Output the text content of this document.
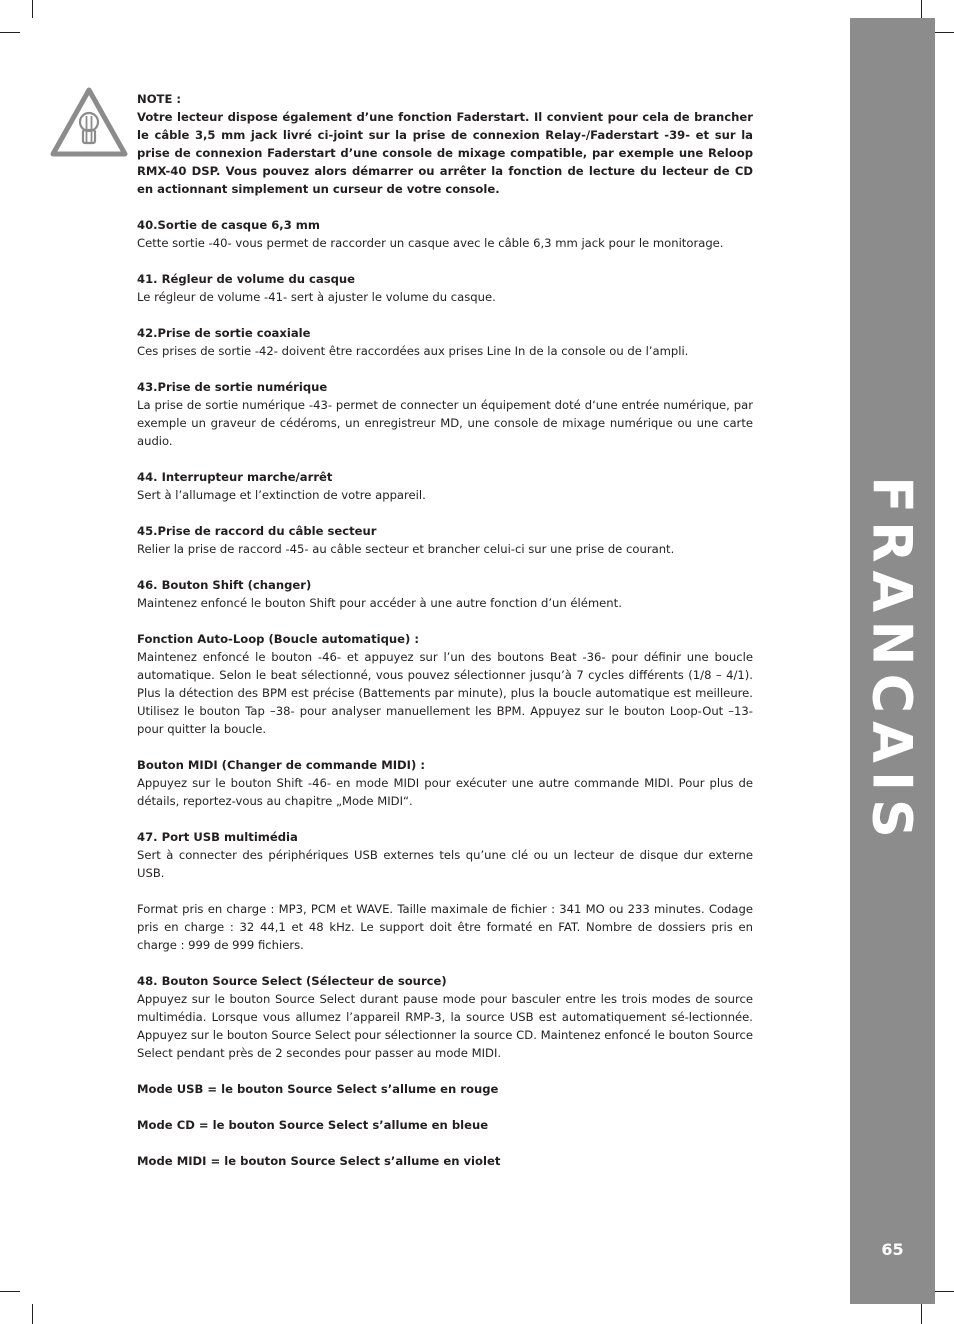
FRANCAIS
65

NOTE :

Votre lecteur dispose également d’une fonction Faderstart. Il convient pour cela de brancher le câble 3,5 mm jack livré ci-joint sur la prise de connexion Relay-/Faderstart -39- et sur la prise de connexion Faderstart d’une console de mixage compatible, par exemple une Reloop RMX-40 DSP. Vous pouvez alors démarrer ou arrêter la fonction de lecture du lecteur de CD en actionnant simplement un curseur de votre console.

40.Sortie de casque 6,3 mm

Cette sortie -40- vous permet de raccorder un casque avec le câble 6,3 mm jack pour le monitorage.

41. Régleur de volume du casque

Le régleur de volume -41- sert à ajuster le volume du casque.

42.Prise de sortie coaxiale

Ces prises de sortie -42- doivent être raccordées aux prises Line In de la console ou de l’ampli.

43.Prise de sortie numérique

La prise de sortie numérique -43- permet de connecter un équipement doté d‘une entrée numérique, par exemple un graveur de cédéroms, un enregistreur MD, une console de mixage numérique ou une carte audio.

44. Interrupteur marche/arrêt

Sert à l’allumage et l’extinction de votre appareil.

45.Prise de raccord du câble secteur

Relier la prise de raccord -45- au câble secteur et brancher celui-ci sur une prise de courant.

46. Bouton Shift (changer)

Maintenez enfoncé le bouton Shift pour accéder à une autre fonction d’un élément.

Fonction Auto-Loop (Boucle automatique) :

Maintenez enfoncé le bouton -46- et appuyez sur l’un des boutons Beat -36- pour définir une boucle automatique. Selon le beat sélectionné, vous pouvez sélectionner jusqu’à 7 cycles différents (1/8 – 4/1). Plus la détection des BPM est précise (Battements par minute), plus la boucle automatique est meilleure. Utilisez le bouton Tap –38- pour analyser manuellement les BPM. Appuyez sur le bouton Loop-Out –13- pour quitter la boucle.

Bouton MIDI (Changer de commande MIDI) :

Appuyez sur le bouton Shift -46- en mode MIDI pour exécuter une autre commande MIDI. Pour plus de détails, reportez-vous au chapitre „Mode MIDI“.

47. Port USB multimédia

Sert à connecter des périphériques USB externes tels qu’une clé ou un lecteur de disque dur externe USB.

Format pris en charge : MP3, PCM et WAVE. Taille maximale de fichier : 341 MO ou 233 minutes. Codage pris en charge : 32 44,1 et 48 kHz. Le support doit être formaté en FAT. Nombre de dossiers pris en charge : 999 de 999 fichiers.

48. Bouton Source Select (Sélecteur de source)

Appuyez sur le bouton Source Select durant pause mode pour basculer entre les trois modes de source multimédia. Lorsque vous allumez l’appareil RMP-3, la source USB est automatiquement sé-lectionnée. Appuyez sur le bouton Source Select pour sélectionner la source CD. Maintenez enfoncé le bouton Source Select pendant près de 2 secondes pour passer au mode MIDI.

Mode USB = le bouton Source Select s’allume en rouge

Mode CD = le bouton Source Select s’allume en bleue

Mode MIDI = le bouton Source Select s’allume en violet
